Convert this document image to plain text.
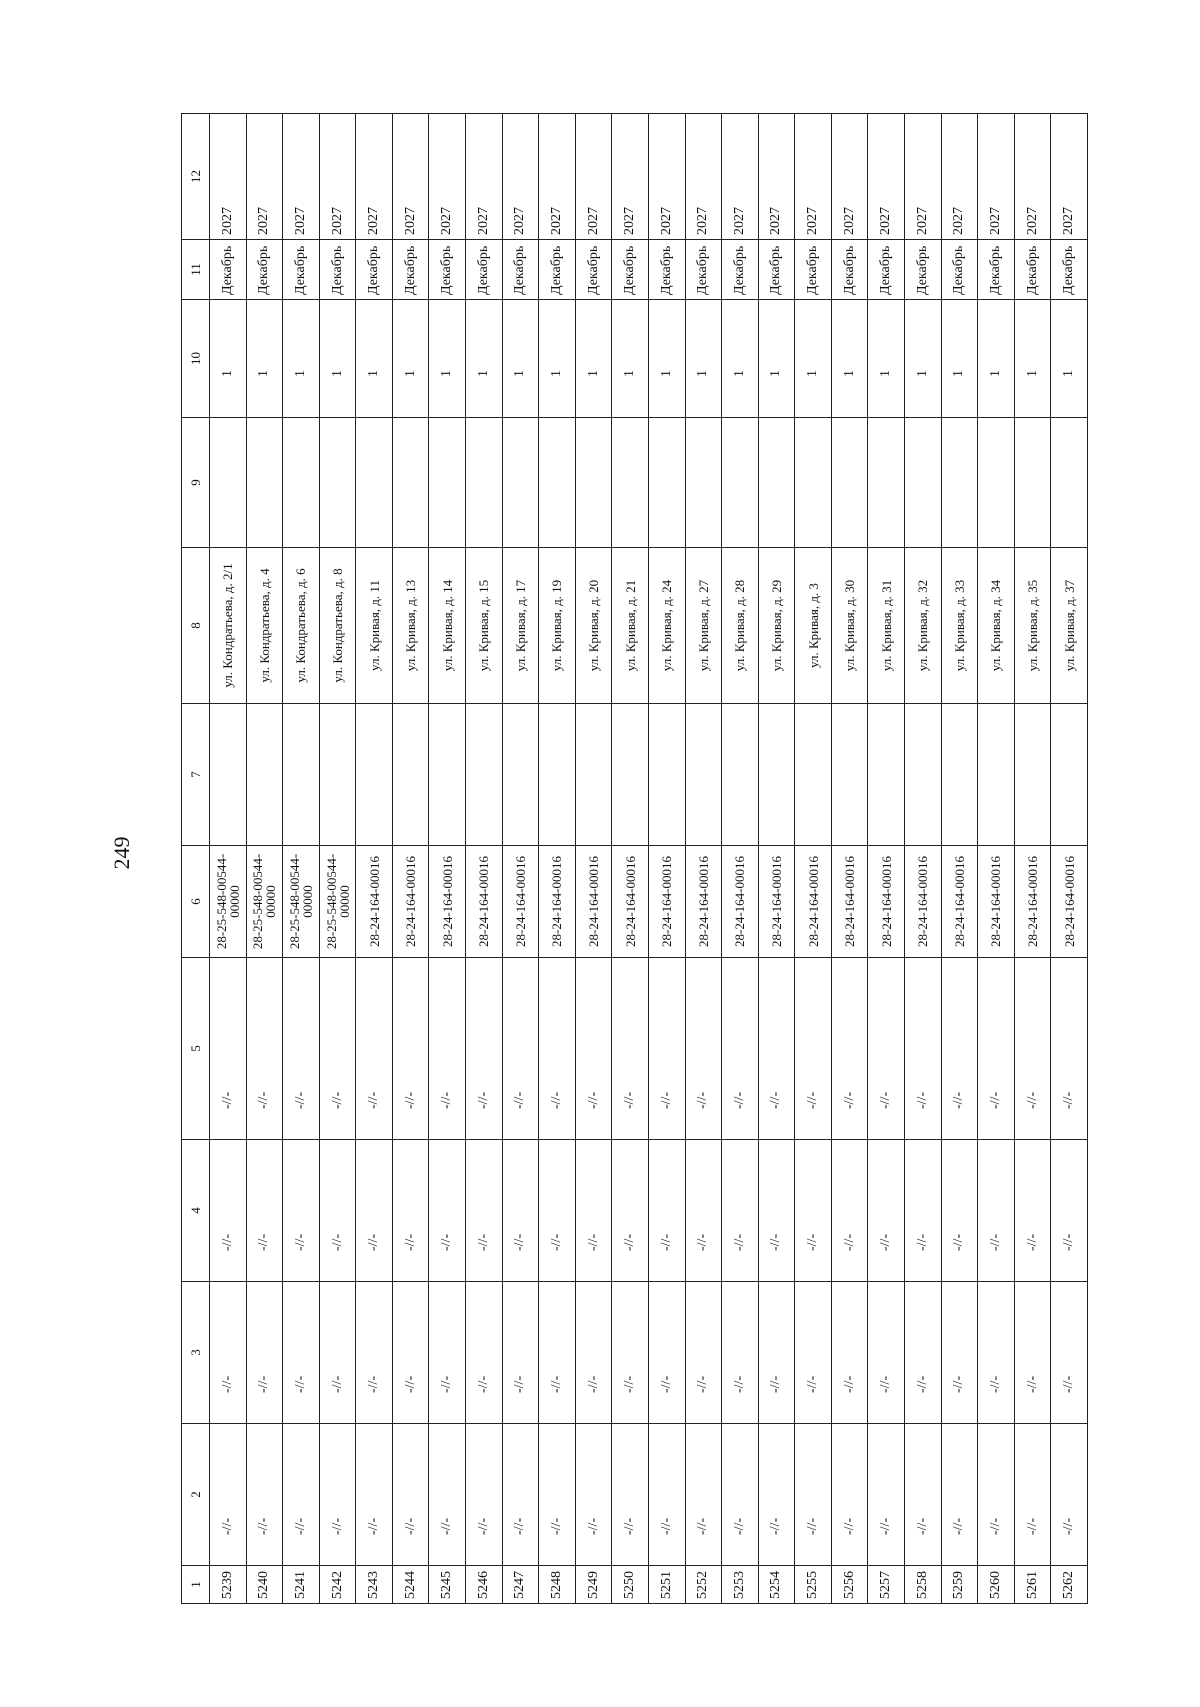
249
1	2	3	4	5	6	7	8	9	10	11	12
5239	-//-	-//-	-//-	-//-	28-25-548-00544-00000		ул. Кондратьева, д. 2/1		1	Декабрь	2027
5240	-//-	-//-	-//-	-//-	28-25-548-00544-00000		ул. Кондратьева, д. 4		1	Декабрь	2027
5241	-//-	-//-	-//-	-//-	28-25-548-00544-00000		ул. Кондратьева, д. 6		1	Декабрь	2027
5242	-//-	-//-	-//-	-//-	28-25-548-00544-00000		ул. Кондратьева, д. 8		1	Декабрь	2027
5243	-//-	-//-	-//-	-//-	28-24-164-00016		ул. Кривая, д. 11		1	Декабрь	2027
5244	-//-	-//-	-//-	-//-	28-24-164-00016		ул. Кривая, д. 13		1	Декабрь	2027
5245	-//-	-//-	-//-	-//-	28-24-164-00016		ул. Кривая, д. 14		1	Декабрь	2027
5246	-//-	-//-	-//-	-//-	28-24-164-00016		ул. Кривая, д. 15		1	Декабрь	2027
5247	-//-	-//-	-//-	-//-	28-24-164-00016		ул. Кривая, д. 17		1	Декабрь	2027
5248	-//-	-//-	-//-	-//-	28-24-164-00016		ул. Кривая, д. 19		1	Декабрь	2027
5249	-//-	-//-	-//-	-//-	28-24-164-00016		ул. Кривая, д. 20		1	Декабрь	2027
5250	-//-	-//-	-//-	-//-	28-24-164-00016		ул. Кривая, д. 21		1	Декабрь	2027
5251	-//-	-//-	-//-	-//-	28-24-164-00016		ул. Кривая, д. 24		1	Декабрь	2027
5252	-//-	-//-	-//-	-//-	28-24-164-00016		ул. Кривая, д. 27		1	Декабрь	2027
5253	-//-	-//-	-//-	-//-	28-24-164-00016		ул. Кривая, д. 28		1	Декабрь	2027
5254	-//-	-//-	-//-	-//-	28-24-164-00016		ул. Кривая, д. 29		1	Декабрь	2027
5255	-//-	-//-	-//-	-//-	28-24-164-00016		ул. Кривая, д. 3		1	Декабрь	2027
5256	-//-	-//-	-//-	-//-	28-24-164-00016		ул. Кривая, д. 30		1	Декабрь	2027
5257	-//-	-//-	-//-	-//-	28-24-164-00016		ул. Кривая, д. 31		1	Декабрь	2027
5258	-//-	-//-	-//-	-//-	28-24-164-00016		ул. Кривая, д. 32		1	Декабрь	2027
5259	-//-	-//-	-//-	-//-	28-24-164-00016		ул. Кривая, д. 33		1	Декабрь	2027
5260	-//-	-//-	-//-	-//-	28-24-164-00016		ул. Кривая, д. 34		1	Декабрь	2027
5261	-//-	-//-	-//-	-//-	28-24-164-00016		ул. Кривая, д. 35		1	Декабрь	2027
5262	-//-	-//-	-//-	-//-	28-24-164-00016		ул. Кривая, д. 37		1	Декабрь	2027
